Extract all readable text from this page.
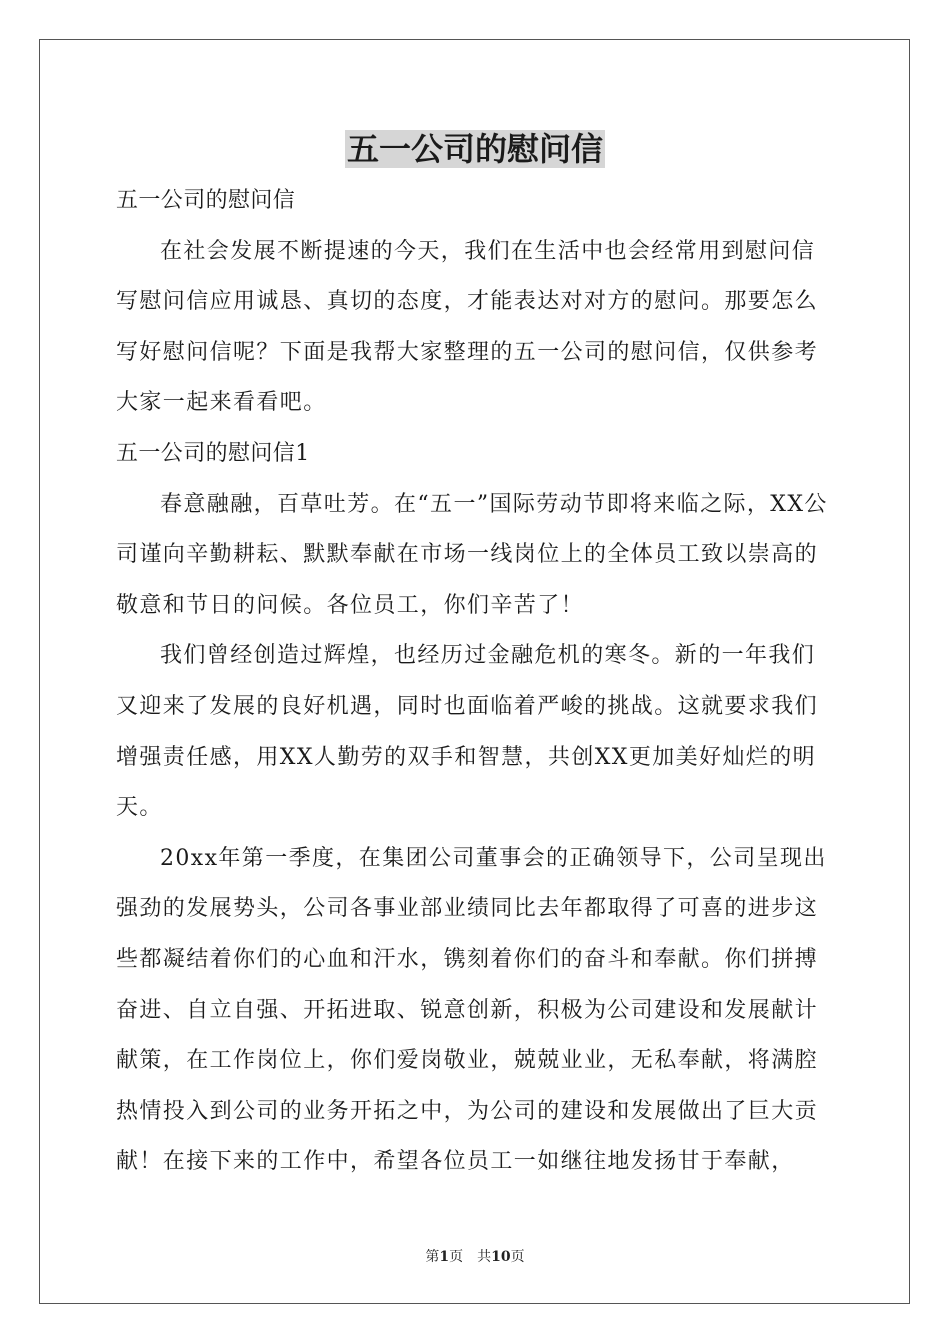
五一公司的慰问信

五一公司的慰问信

在社会发展不断提速的今天，我们在生活中也会经常用到慰问信写慰问信应用诚恳、真切的态度，才能表达对对方的慰问。那要怎么写好慰问信呢？下面是我帮大家整理的五一公司的慰问信，仅供参考大家一起来看看吧。

五一公司的慰问信1

春意融融，百草吐芳。在“五一”国际劳动节即将来临之际，XX公司谨向辛勤耕耘、默默奉献在市场一线岗位上的全体员工致以崇高的敬意和节日的问候。各位员工，你们辛苦了！

我们曾经创造过辉煌，也经历过金融危机的寒冬。新的一年我们又迎来了发展的良好机遇，同时也面临着严峻的挑战。这就要求我们增强责任感，用XX人勤劳的双手和智慧，共创XX更加美好灿烂的明天。

20xx年第一季度，在集团公司董事会的正确领导下，公司呈现出强劲的发展势头，公司各事业部业绩同比去年都取得了可喜的进步这些都凝结着你们的心血和汗水，镌刻着你们的奋斗和奉献。你们拼搏奋进、自立自强、开拓进取、锐意创新，积极为公司建设和发展献计献策，在工作岗位上，你们爱岗敬业，兢兢业业，无私奉献，将满腔热情投入到公司的业务开拓之中，为公司的建设和发展做出了巨大贡献！在接下来的工作中，希望各位员工一如继往地发扬甘于奉献，

第1页　共10页
